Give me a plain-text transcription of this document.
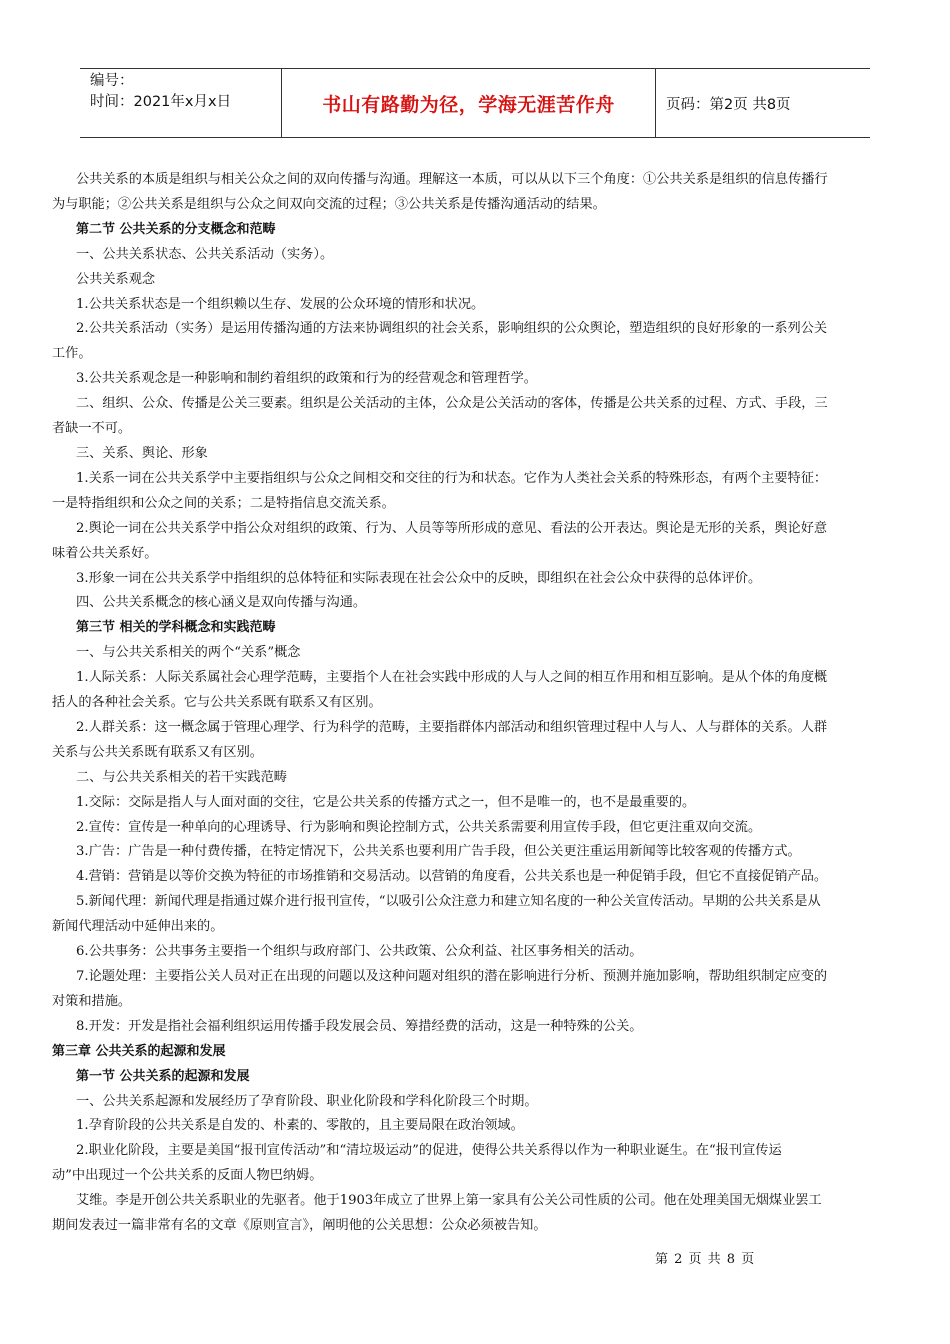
编号：
时间：2021年x月x日	书山有路勤为径，学海无涯苦作舟	页码：第2页 共8页

公共关系的本质是组织与相关公众之间的双向传播与沟通。理解这一本质，可以从以下三个角度：①公共关系是组织的信息传播行

为与职能；②公共关系是组织与公众之间双向交流的过程；③公共关系是传播沟通活动的结果。

第二节 公共关系的分支概念和范畴

一、公共关系状态、公共关系活动（实务）。

公共关系观念

1.公共关系状态是一个组织赖以生存、发展的公众环境的情形和状况。

2.公共关系活动（实务）是运用传播沟通的方法来协调组织的社会关系，影响组织的公众舆论，塑造组织的良好形象的一系列公关

工作。

3.公共关系观念是一种影响和制约着组织的政策和行为的经营观念和管理哲学。

二、组织、公众、传播是公关三要素。组织是公关活动的主体，公众是公关活动的客体，传播是公共关系的过程、方式、手段，三

者缺一不可。

三、关系、舆论、形象

1.关系一词在公共关系学中主要指组织与公众之间相交和交往的行为和状态。它作为人类社会关系的特殊形态，有两个主要特征：

一是特指组织和公众之间的关系；二是特指信息交流关系。

2.舆论一词在公共关系学中指公众对组织的政策、行为、人员等等所形成的意见、看法的公开表达。舆论是无形的关系，舆论好意

味着公共关系好。

3.形象一词在公共关系学中指组织的总体特征和实际表现在社会公众中的反映，即组织在社会公众中获得的总体评价。

四、公共关系概念的核心涵义是双向传播与沟通。

第三节 相关的学科概念和实践范畴

一、与公共关系相关的两个“关系”概念

1.人际关系：人际关系属社会心理学范畴，主要指个人在社会实践中形成的人与人之间的相互作用和相互影响。是从个体的角度概

括人的各种社会关系。它与公共关系既有联系又有区别。

2.人群关系：这一概念属于管理心理学、行为科学的范畴，主要指群体内部活动和组织管理过程中人与人、人与群体的关系。人群

关系与公共关系既有联系又有区别。

二、与公共关系相关的若干实践范畴

1.交际：交际是指人与人面对面的交往，它是公共关系的传播方式之一，但不是唯一的，也不是最重要的。

2.宣传：宣传是一种单向的心理诱导、行为影响和舆论控制方式，公共关系需要利用宣传手段，但它更注重双向交流。

3.广告：广告是一种付费传播，在特定情况下，公共关系也要利用广告手段，但公关更注重运用新闻等比较客观的传播方式。

4.营销：营销是以等价交换为特征的市场推销和交易活动。以营销的角度看，公共关系也是一种促销手段，但它不直接促销产品。

5.新闻代理：新闻代理是指通过媒介进行报刊宣传，“以吸引公众注意力和建立知名度的一种公关宣传活动。早期的公共关系是从

新闻代理活动中延伸出来的。

6.公共事务：公共事务主要指一个组织与政府部门、公共政策、公众利益、社区事务相关的活动。

7.论题处理：主要指公关人员对正在出现的问题以及这种问题对组织的潜在影响进行分析、预测并施加影响，帮助组织制定应变的

对策和措施。

8.开发：开发是指社会福利组织运用传播手段发展会员、筹措经费的活动，这是一种特殊的公关。

第三章 公共关系的起源和发展

第一节 公共关系的起源和发展

一、公共关系起源和发展经历了孕育阶段、职业化阶段和学科化阶段三个时期。

1.孕育阶段的公共关系是自发的、朴素的、零散的，且主要局限在政治领域。

2.职业化阶段，主要是美国“报刊宣传活动”和“清垃圾运动”的促进，使得公共关系得以作为一种职业诞生。在“报刊宣传运

动”中出现过一个公共关系的反面人物巴纳姆。

艾维。李是开创公共关系职业的先驱者。他于1903年成立了世界上第一家具有公关公司性质的公司。他在处理美国无烟煤业罢工

期间发表过一篇非常有名的文章《原则宣言》，阐明他的公关思想：公众必须被告知。

第 2 页 共 8 页
